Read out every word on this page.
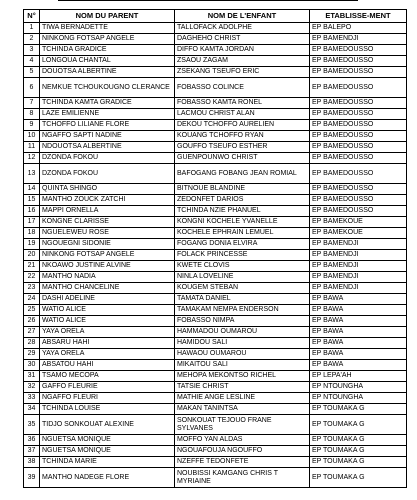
N°	NOM DU PARENT	NOM DE L'ENFANT	ETABLISSE-MENT
1	TIWA BERNADETTE	TALLOFACK ADOLPHE	EP BALEPO
2	NINKONG FOTSAP ANGELE	DAGHEHO CHRIST	EP BAMENDJI
3	TCHINDA GRADICE	DIFFO KAMTA JORDAN	EP BAMEDOUSSO
4	LONGOUA CHANTAL	ZSAOU ZAGAM	EP BAMEDOUSSO
5	DOUOTSA ALBERTINE	ZSEKANG TSEUFO ERIC	EP BAMEDOUSSO
6	NEMKUE TCHOUKOUGNO CLERANCE	FOBASSO COLINCE	EP BAMEDOUSSO
7	TCHINDA KAMTA GRADICE	FOBASSO KAMTA RONEL	EP BAMEDOUSSO
8	LAZE EMILIENNE	LACMOU CHRIST ALAN	EP BAMEDOUSSO
9	TCHOFFO LILIANE FLORE	DEKOU TCHOFFO AURELIEN	EP BAMEDOUSSO
10	NGAFFO SAPTI NADINE	KOUANG TCHOFFO RYAN	EP BAMEDOUSSO
11	NDOUOTSA ALBERTINE	GOUFFO TSEUFO ESTHER	EP BAMEDOUSSO
12	DZONDA FOKOU	GUENPOUNWO CHRIST	EP BAMEDOUSSO
13	DZONDA FOKOU	BAFOGANG FOBANG JEAN ROMIAL	EP BAMEDOUSSO
14	QUINTA SHINGO	BITNOUE BLANDINE	EP BAMEDOUSSO
15	MANTHO ZOUCK ZATCHI	ZEDONFET DARIOS	EP BAMEDOUSSO
16	MAPPI ORNELLA	TCHINDA NZIE PHANUEL	EP BAMEDOUSSO
17	KONGNE CLARISSE	KONGNI KOCHELE YVANELLE	EP BAMEKOUE
18	NGUELEWEU ROSE	KOCHELE EPHRAIN LEMUEL	EP BAMEKOUE
19	NGOUEGNI SIDONIE	FOGANG DONIA ELVIRA	EP BAMENDJI
20	NINKONG FOTSAP ANGELE	FOLACK PRINCESSE	EP BAMENDJI
21	NKOAWO JUSTINE ALVINE	KWETE CLOVIS	EP BAMENDJI
22	MANTHO NADIA	NINLA LOVELINE	EP BAMENDJI
23	MANTHO CHANCELINE	KOUGEM STEBAN	EP BAMENDJI
24	DASHI ADELINE	TAMATA DANIEL	EP BAWA
25	WATIO ALICE	TAMAKAM NEMPA ENDERSON	EP BAWA
26	WATIO ALICE	FOBASSO NIMPA	EP BAWA
27	YAYA ORELA	HAMMADOU OUMAROU	EP BAWA
28	ABSARU HAHI	HAMIDOU SALI	EP BAWA
29	YAYA ORELA	HAWAOU OUMAROU	EP BAWA
30	ABSATOU HAHI	MIKAITOU SALI	EP BAWA
31	TSAMO MECOPA	MEHOPA MEKONTSO RICHEL	EP LEPA'AH
32	GAFFO FLEURIE	TATSIE CHRIST	EP NTOUNGHA
33	NGAFFO FLEURI	MATHIE ANGE LESLINE	EP NTOUNGHA
34	TCHINDA LOUISE	MAKAN TANINTSA	EP TOUMAKA G
35	TIDJO SONKOUAT ALEXINE	SONKOUAT TEJOUO FRANE SYLVANES	EP TOUMAKA G
36	NGUETSA MONIQUE	MOFFO YAN ALDAS	EP TOUMAKA G
37	NGUETSA MONIQUE	NGOUAFOUJA NGOUFFO	EP TOUMAKA G
38	TCHINDA MARIE	NZEFFE TEDONFETE	EP TOUMAKA G
39	MANTHO NADEGE FLORE	NOUBISSI KAMGANG CHRIS T MYRIAINE	EP TOUMAKA G
